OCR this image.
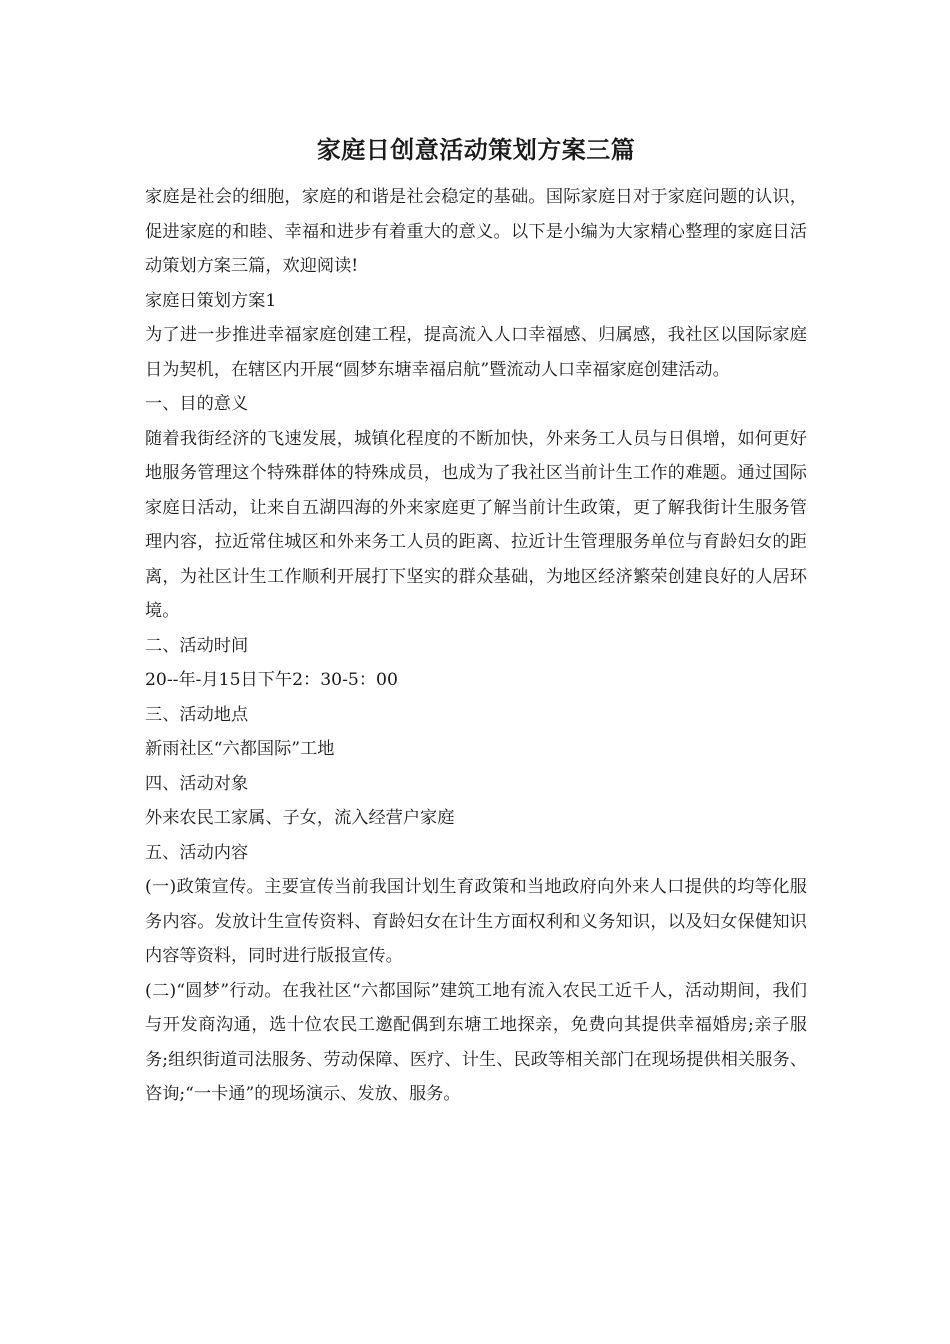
家庭日创意活动策划方案三篇

家庭是社会的细胞，家庭的和谐是社会稳定的基础。国际家庭日对于家庭问题的认识，促进家庭的和睦、幸福和进步有着重大的意义。以下是小编为大家精心整理的家庭日活动策划方案三篇，欢迎阅读!

家庭日策划方案1

为了进一步推进幸福家庭创建工程，提高流入人口幸福感、归属感，我社区以国际家庭日为契机，在辖区内开展“圆梦东塘幸福启航”暨流动人口幸福家庭创建活动。

一、目的意义

随着我街经济的飞速发展，城镇化程度的不断加快，外来务工人员与日俱增，如何更好地服务管理这个特殊群体的特殊成员，也成为了我社区当前计生工作的难题。通过国际家庭日活动，让来自五湖四海的外来家庭更了解当前计生政策，更了解我街计生服务管理内容，拉近常住城区和外来务工人员的距离、拉近计生管理服务单位与育龄妇女的距离，为社区计生工作顺利开展打下坚实的群众基础，为地区经济繁荣创建良好的人居环境。

二、活动时间

20--年-月15日下午2：30-5：00

三、活动地点

新雨社区“六都国际”工地

四、活动对象

外来农民工家属、子女，流入经营户家庭

五、活动内容

(一)政策宣传。主要宣传当前我国计划生育政策和当地政府向外来人口提供的均等化服务内容。发放计生宣传资料、育龄妇女在计生方面权利和义务知识，以及妇女保健知识内容等资料，同时进行版报宣传。

(二)“圆梦”行动。在我社区“六都国际”建筑工地有流入农民工近千人，活动期间，我们与开发商沟通，选十位农民工邀配偶到东塘工地探亲，免费向其提供幸福婚房;亲子服务;组织街道司法服务、劳动保障、医疗、计生、民政等相关部门在现场提供相关服务、咨询;“一卡通”的现场演示、发放、服务。
